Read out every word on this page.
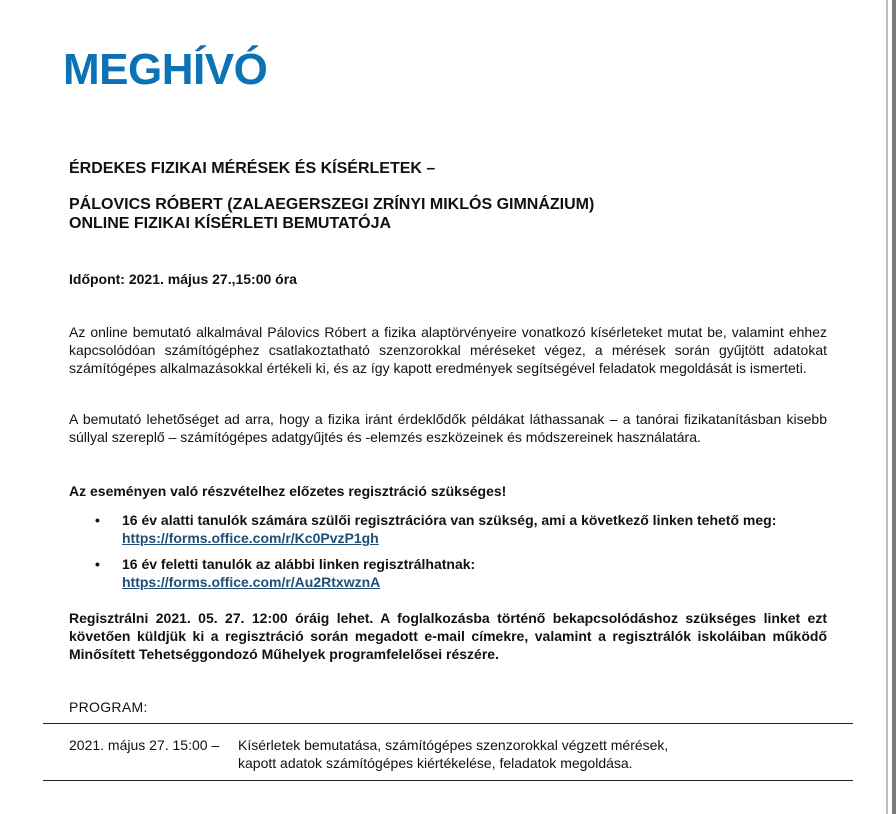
MEGHÍVÓ
ÉRDEKES FIZIKAI MÉRÉSEK ÉS KÍSÉRLETEK –
PÁLOVICS RÓBERT (ZALAEGERSZEGI ZRÍNYI MIKLÓS GIMNÁZIUM)
ONLINE FIZIKAI KÍSÉRLETI BEMUTATÓJA
Időpont: 2021. május 27.,15:00 óra

Az online bemutató alkalmával Pálovics Róbert a fizika alaptörvényeire vonatkozó kísérleteket mutat be, valamint ehhez kapcsolódóan számítógéphez csatlakoztatható szenzorokkal méréseket végez, a mérések során gyűjtött adatokat számítógépes alkalmazásokkal értékeli ki, és az így kapott eredmények segítségével feladatok megoldását is ismerteti.

A bemutató lehetőséget ad arra, hogy a fizika iránt érdeklődők példákat láthassanak – a tanórai fizikatanításban kisebb súllyal szereplő – számítógépes adatgyűjtés és -elemzés eszközeinek és módszereinek használatára.

Az eseményen való részvételhez előzetes regisztráció szükséges!
• 16 év alatti tanulók számára szülői regisztrációra van szükség, ami a következő linken tehető meg:
https://forms.office.com/r/Kc0PvzP1gh
• 16 év feletti tanulók az alábbi linken regisztrálhatnak:
https://forms.office.com/r/Au2RtxwznA

Regisztrálni 2021. 05. 27. 12:00 óráig lehet. A foglalkozásba történő bekapcsolódáshoz szükséges linket ezt követően küldjük ki a regisztráció során megadott e-mail címekre, valamint a regisztrálók iskoláiban működő Minősített Tehetséggondozó Műhelyek programfelelősei részére.

PROGRAM:
2021. május 27. 15:00 – Kísérletek bemutatása, számítógépes szenzorokkal végzett mérések,
kapott adatok számítógépes kiértékelése, feladatok megoldása.
